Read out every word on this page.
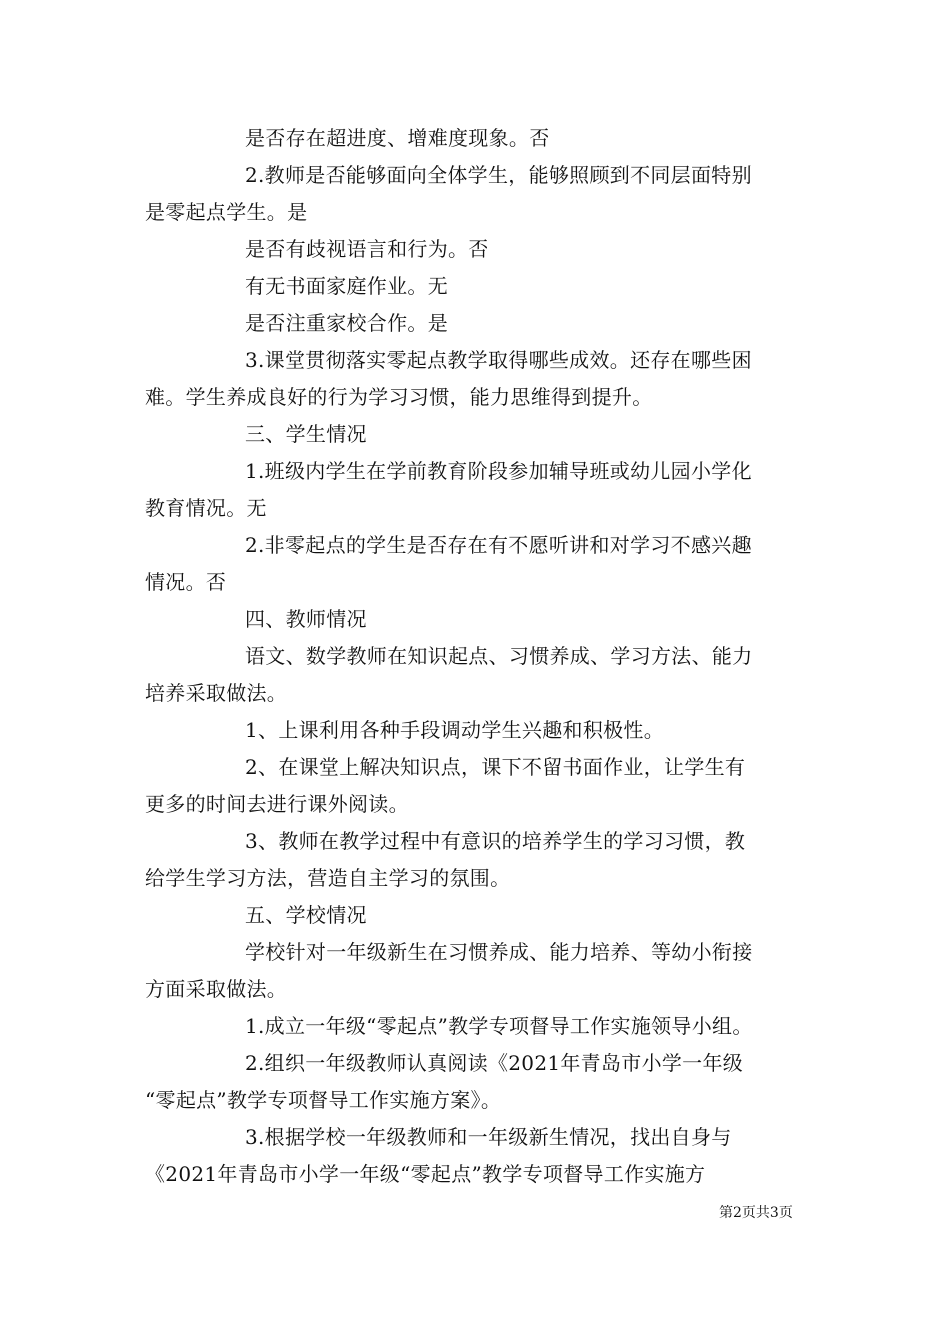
是否存在超进度、增难度现象。否
2.教师是否能够面向全体学生，能够照顾到不同层面特别
是零起点学生。是
是否有歧视语言和行为。否
有无书面家庭作业。无
是否注重家校合作。是
3.课堂贯彻落实零起点教学取得哪些成效。还存在哪些困
难。学生养成良好的行为学习习惯，能力思维得到提升。
三、学生情况
1.班级内学生在学前教育阶段参加辅导班或幼儿园小学化
教育情况。无
2.非零起点的学生是否存在有不愿听讲和对学习不感兴趣
情况。否
四、教师情况
语文、数学教师在知识起点、习惯养成、学习方法、能力
培养采取做法。
1、上课利用各种手段调动学生兴趣和积极性。
2、在课堂上解决知识点，课下不留书面作业，让学生有
更多的时间去进行课外阅读。
3、教师在教学过程中有意识的培养学生的学习习惯，教
给学生学习方法，营造自主学习的氛围。
五、学校情况
学校针对一年级新生在习惯养成、能力培养、等幼小衔接
方面采取做法。
1.成立一年级“零起点”教学专项督导工作实施领导小组。
2.组织一年级教师认真阅读《2021年青岛市小学一年级
“零起点”教学专项督导工作实施方案》。
3.根据学校一年级教师和一年级新生情况，找出自身与
《2021年青岛市小学一年级“零起点”教学专项督导工作实施方
第2页共3页
